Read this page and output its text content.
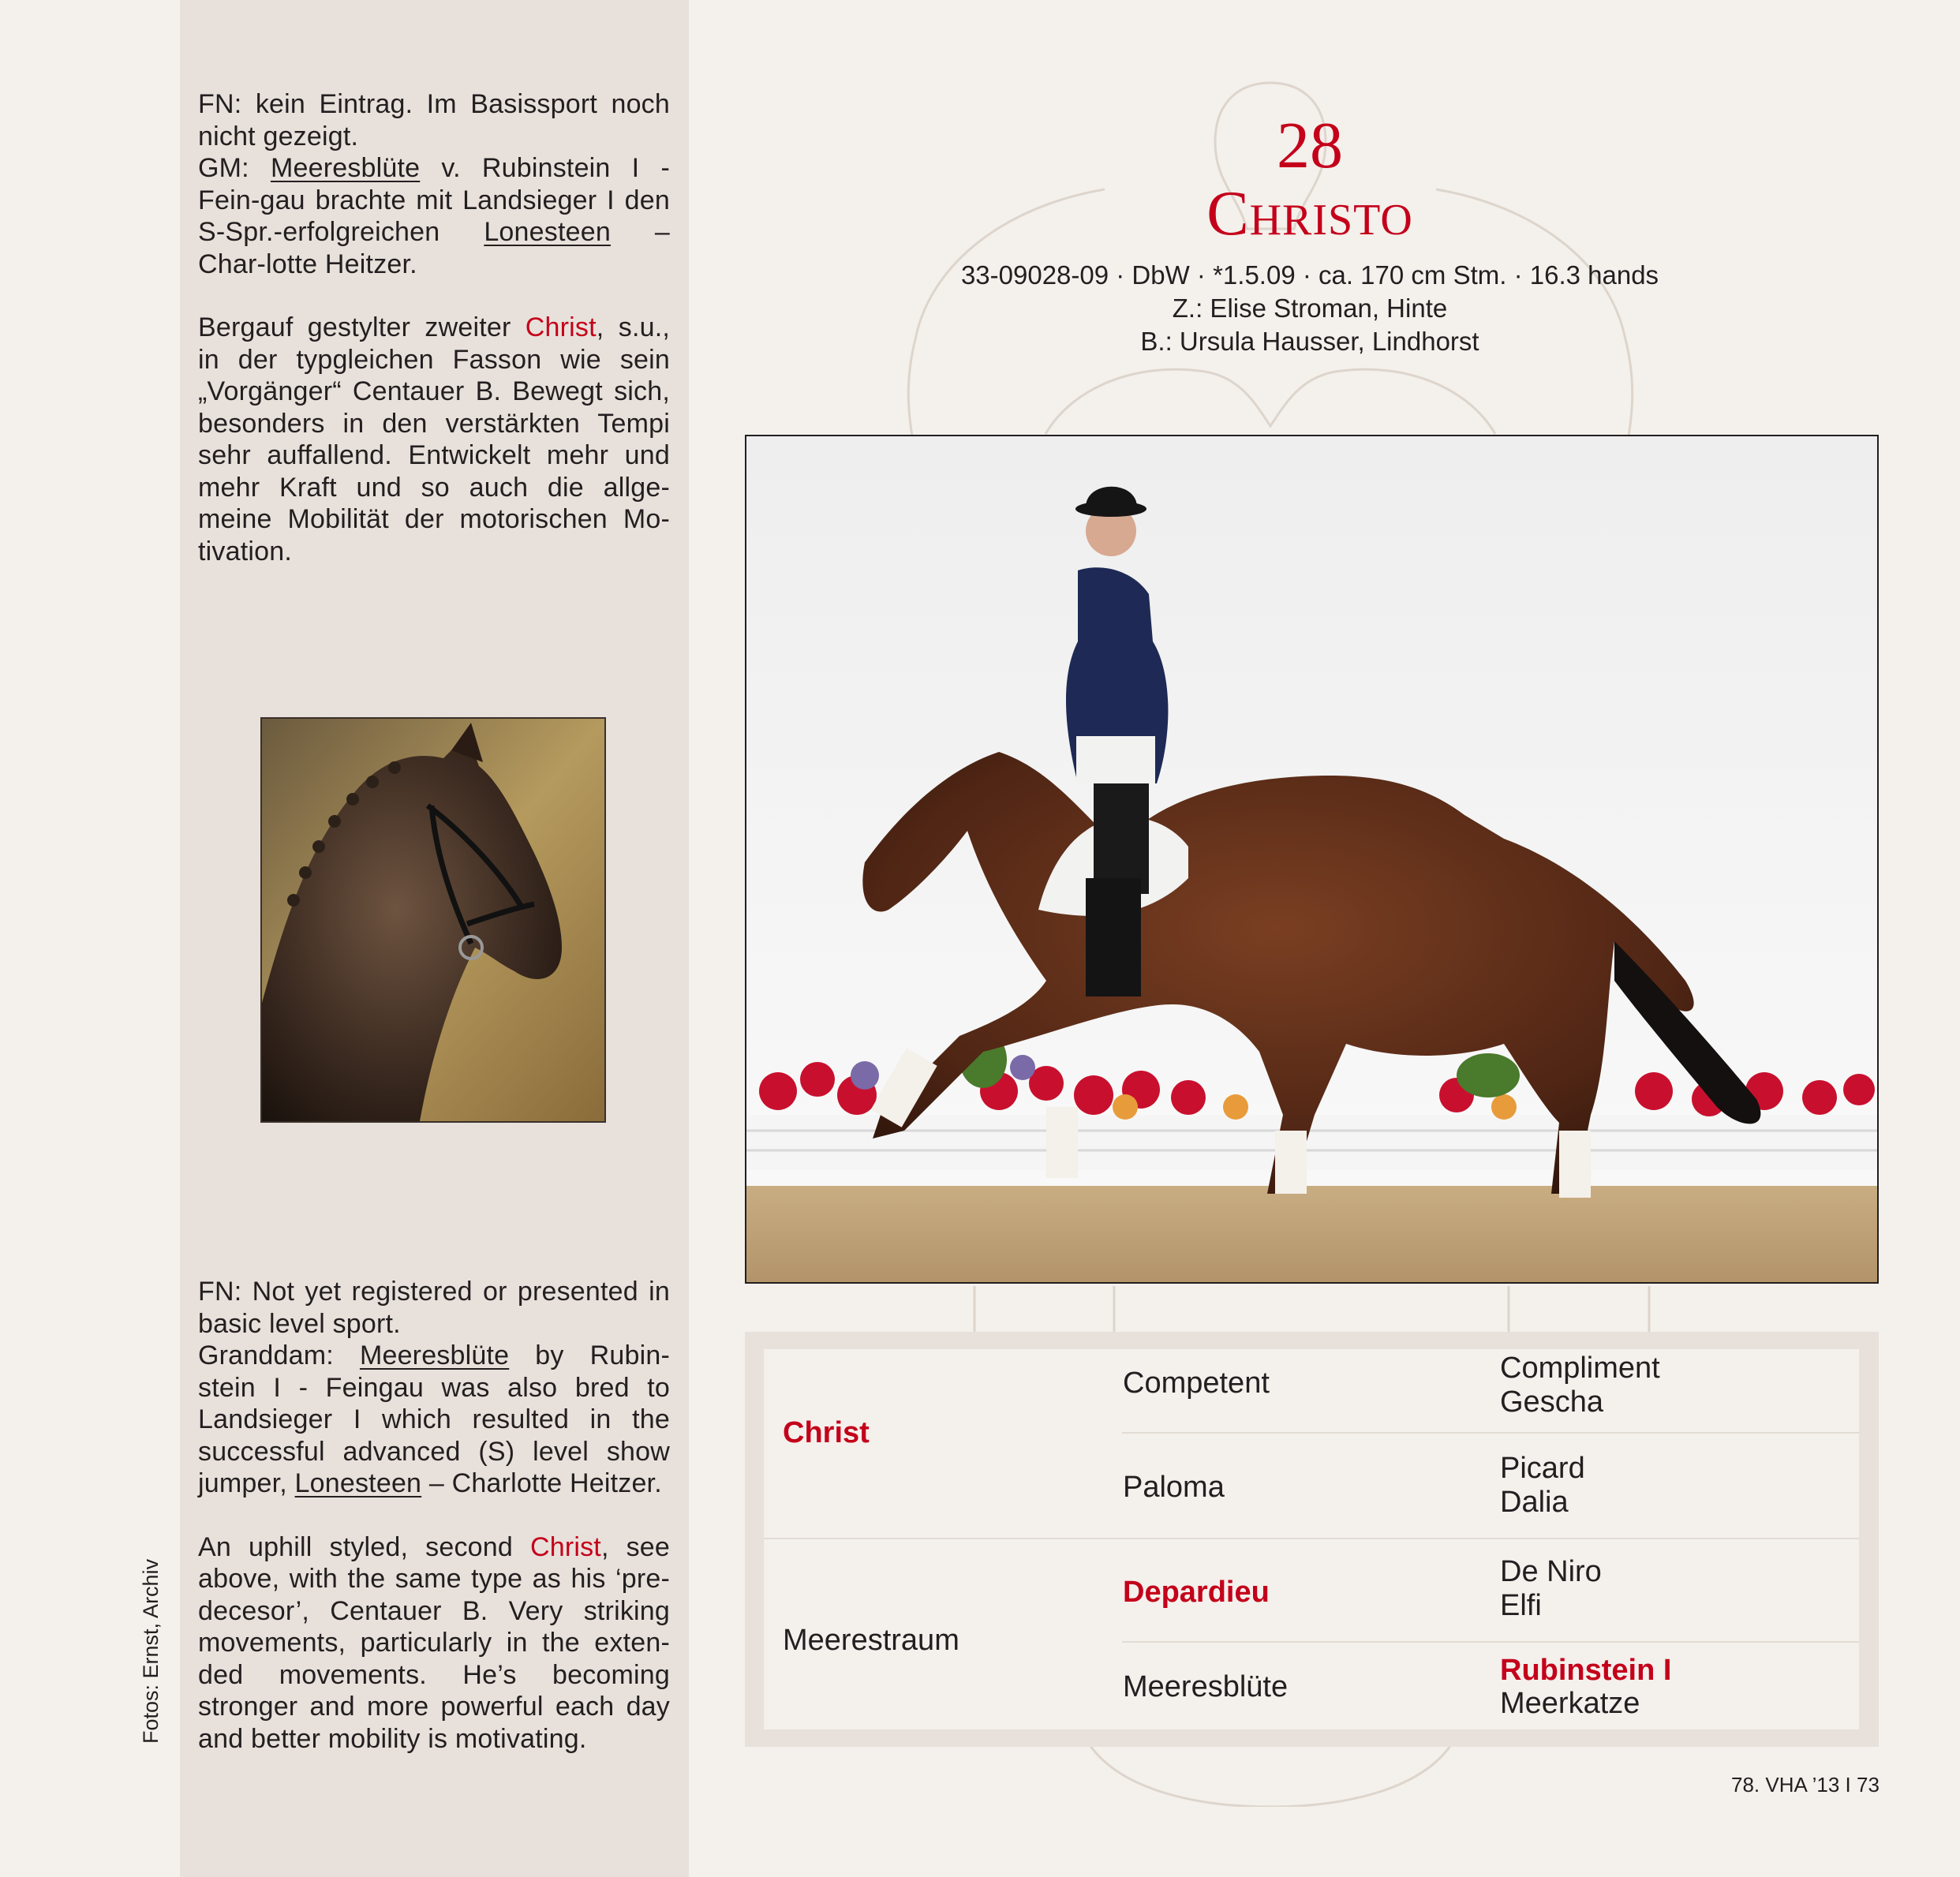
FN: kein Eintrag. Im Basissport noch

nicht gezeigt.

GM: Meeresblüte v. Rubinstein I - Fein-gau brachte mit Landsieger I den S-Spr.-erfolgreichen Lonesteen – Char-lotte Heitzer.

Bergauf gestylter zweiter Christ, s.u., in der typgleichen Fasson wie sein „Vorgänger“ Centauer B. Bewegt sich, besonders in den verstärkten Tempi sehr auffallend. Entwickelt mehr und mehr Kraft und so auch die allge-meine Mobilität der motorischen Mo-tivation.

FN: Not yet registered or presented in basic level sport.

Granddam: Meeresblüte by Rubin-stein I - Feingau was also bred to Landsieger I which resulted in the successful advanced (S) level show jumper, Lonesteen – Charlotte Heitzer.

An uphill styled, second Christ, see above, with the same type as his ‘pre-decesor’, Centauer B. Very striking movements, particularly in the exten-ded movements. He’s becoming stronger and more powerful each day and better mobility is motivating.

Fotos: Ernst, Archiv
28
Christo
33-09028-09 · DbW · *1.5.09 · ca. 170 cm Stm. · 16.3 hands
Z.: Elise Stroman, Hinte
B.: Ursula Hausser, Lindhorst
Christ
Competent	Compliment
Gescha
Paloma
Picard
Dalia
Meerestraum
Depardieu
De Niro
Elfi
Meeresblüte	Rubinstein I
Meerkatze
78. VHA ’13 I 73
